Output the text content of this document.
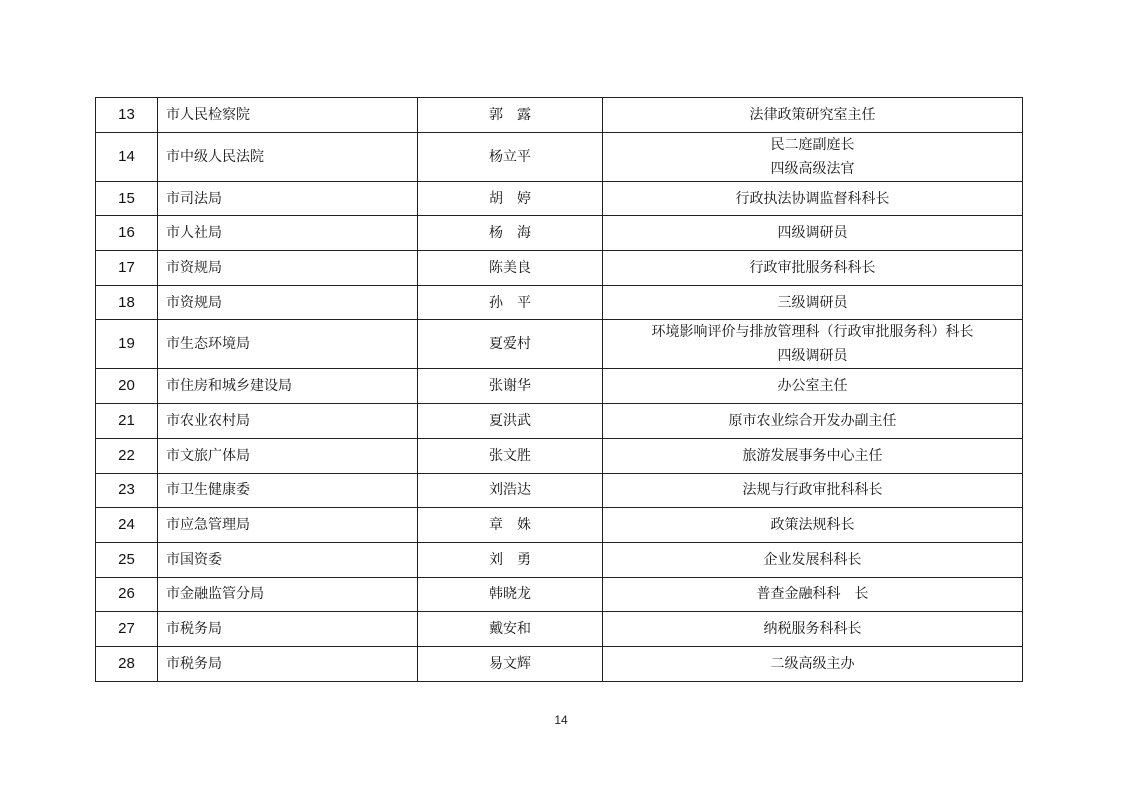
13	市人民检察院	郭　露	法律政策研究室主任

14	市中级人民法院	杨立平	民二庭副庭长
四级高级法官

15	市司法局	胡　婷	行政执法协调监督科科长

16	市人社局	杨　海	四级调研员

17	市资规局	陈美良	行政审批服务科科长

18	市资规局	孙　平	三级调研员

19	市生态环境局	夏爱村	环境影响评价与排放管理科（行政审批服务科）科长
四级调研员

20	市住房和城乡建设局	张谢华	办公室主任

21	市农业农村局	夏洪武	原市农业综合开发办副主任

22	市文旅广体局	张文胜	旅游发展事务中心主任

23	市卫生健康委	刘浩达	法规与行政审批科科长

24	市应急管理局	章　姝	政策法规科长

25	市国资委	刘　勇	企业发展科科长

26	市金融监管分局	韩晓龙	普查金融科科　长

27	市税务局	戴安和	纳税服务科科长

28	市税务局	易文辉	二级高级主办
14
